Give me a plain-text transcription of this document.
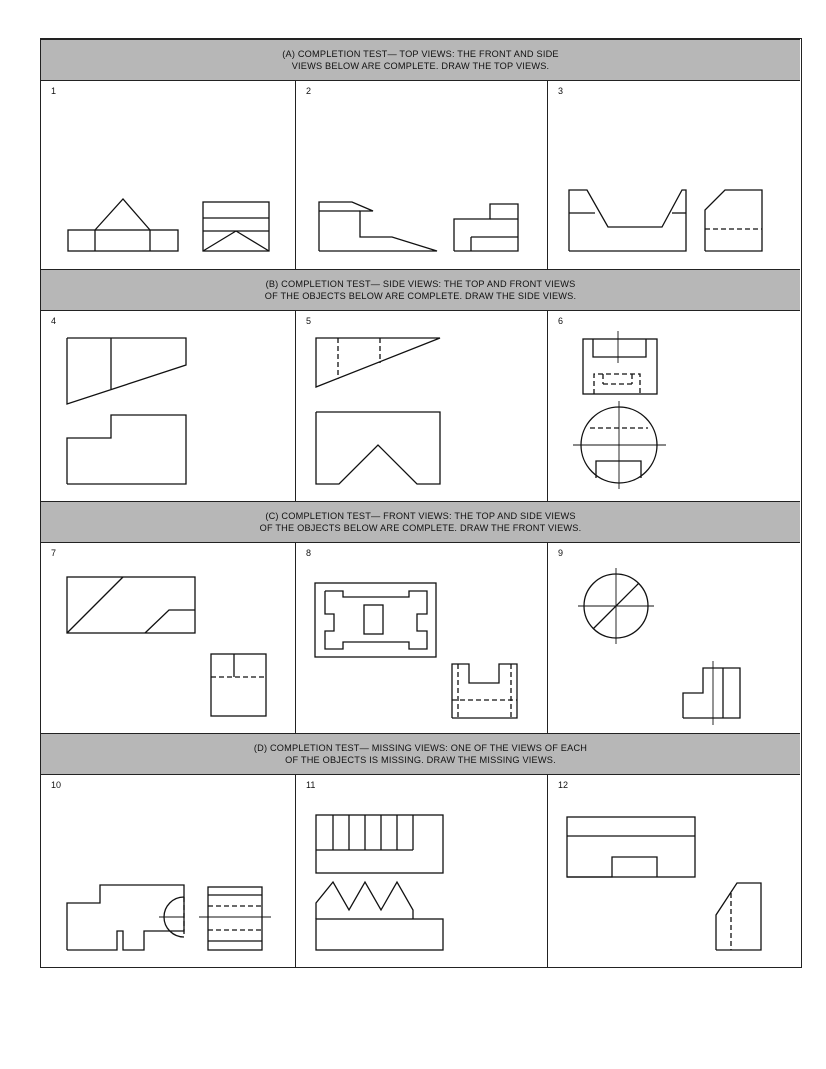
(A) COMPLETION TEST— TOP VIEWS: THE FRONT AND SIDE
VIEWS BELOW ARE COMPLETE. DRAW THE TOP VIEWS.
1	2	3
(B) COMPLETION TEST— SIDE VIEWS: THE TOP AND FRONT VIEWS
OF THE OBJECTS BELOW ARE COMPLETE. DRAW THE SIDE VIEWS.
4	5	6
(C) COMPLETION TEST— FRONT VIEWS: THE TOP AND SIDE VIEWS
OF THE OBJECTS BELOW ARE COMPLETE. DRAW THE FRONT VIEWS.
7	8	9
(D) COMPLETION TEST— MISSING VIEWS: ONE OF THE VIEWS OF EACH
OF THE OBJECTS IS MISSING. DRAW THE MISSING VIEWS.
10	11	12
